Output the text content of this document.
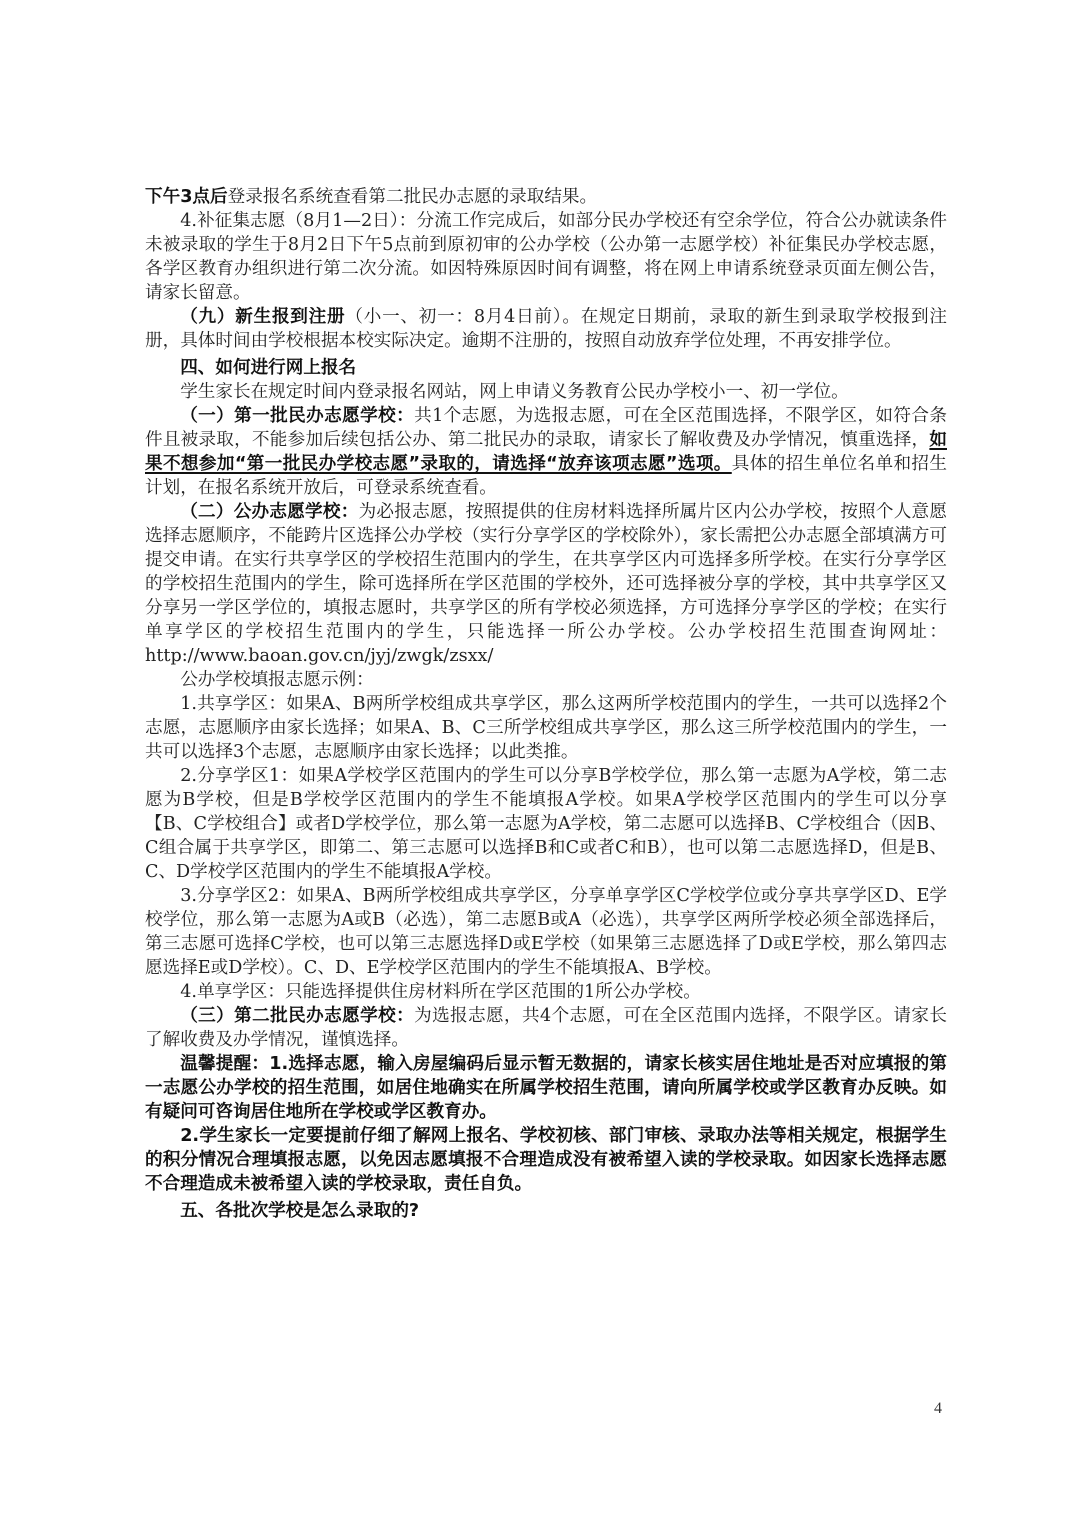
下午3点后登录报名系统查看第二批民办志愿的录取结果。

4.补征集志愿（8月1—2日）：分流工作完成后，如部分民办学校还有空余学位，符合公办就读条件未被录取的学生于8月2日下午5点前到原初审的公办学校（公办第一志愿学校）补征集民办学校志愿，各学区教育办组织进行第二次分流。如因特殊原因时间有调整，将在网上申请系统登录页面左侧公告，请家长留意。

（九）新生报到注册（小一、初一：8月4日前）。在规定日期前，录取的新生到录取学校报到注册，具体时间由学校根据本校实际决定。逾期不注册的，按照自动放弃学位处理，不再安排学位。

四、如何进行网上报名

学生家长在规定时间内登录报名网站，网上申请义务教育公民办学校小一、初一学位。

（一）第一批民办志愿学校：共1个志愿，为选报志愿，可在全区范围选择，不限学区，如符合条件且被录取，不能参加后续包括公办、第二批民办的录取，请家长了解收费及办学情况，慎重选择，如果不想参加“第一批民办学校志愿”录取的，请选择“放弃该项志愿”选项。具体的招生单位名单和招生计划，在报名系统开放后，可登录系统查看。

（二）公办志愿学校：为必报志愿，按照提供的住房材料选择所属片区内公办学校，按照个人意愿选择志愿顺序，不能跨片区选择公办学校（实行分享学区的学校除外），家长需把公办志愿全部填满方可提交申请。在实行共享学区的学校招生范围内的学生，在共享学区内可选择多所学校。在实行分享学区的学校招生范围内的学生，除可选择所在学区范围的学校外，还可选择被分享的学校，其中共享学区又分享另一学区学位的，填报志愿时，共享学区的所有学校必须选择，方可选择分享学区的学校；在实行单享学区的学校招生范围内的学生，只能选择一所公办学校。公办学校招生范围查询网址：http://www.baoan.gov.cn/jyj/zwgk/zsxx/

公办学校填报志愿示例：

1.共享学区：如果A、B两所学校组成共享学区，那么这两所学校范围内的学生，一共可以选择2个志愿，志愿顺序由家长选择；如果A、B、C三所学校组成共享学区，那么这三所学校范围内的学生，一共可以选择3个志愿，志愿顺序由家长选择；以此类推。

2.分享学区1：如果A学校学区范围内的学生可以分享B学校学位，那么第一志愿为A学校，第二志愿为B学校，但是B学校学区范围内的学生不能填报A学校。如果A学校学区范围内的学生可以分享【B、C学校组合】或者D学校学位，那么第一志愿为A学校，第二志愿可以选择B、C学校组合（因B、C组合属于共享学区，即第二、第三志愿可以选择B和C或者C和B），也可以第二志愿选择D，但是B、C、D学校学区范围内的学生不能填报A学校。

3.分享学区2：如果A、B两所学校组成共享学区，分享单享学区C学校学位或分享共享学区D、E学校学位，那么第一志愿为A或B（必选），第二志愿B或A（必选），共享学区两所学校必须全部选择后，第三志愿可选择C学校，也可以第三志愿选择D或E学校（如果第三志愿选择了D或E学校，那么第四志愿选择E或D学校）。C、D、E学校学区范围内的学生不能填报A、B学校。

4.单享学区：只能选择提供住房材料所在学区范围的1所公办学校。

（三）第二批民办志愿学校：为选报志愿，共4个志愿，可在全区范围内选择，不限学区。请家长了解收费及办学情况，谨慎选择。

温馨提醒：1.选择志愿，输入房屋编码后显示暂无数据的，请家长核实居住地址是否对应填报的第一志愿公办学校的招生范围，如居住地确实在所属学校招生范围，请向所属学校或学区教育办反映。如有疑问可咨询居住地所在学校或学区教育办。

2.学生家长一定要提前仔细了解网上报名、学校初核、部门审核、录取办法等相关规定，根据学生的积分情况合理填报志愿，以免因志愿填报不合理造成没有被希望入读的学校录取。如因家长选择志愿不合理造成未被希望入读的学校录取，责任自负。

五、各批次学校是怎么录取的?

4
